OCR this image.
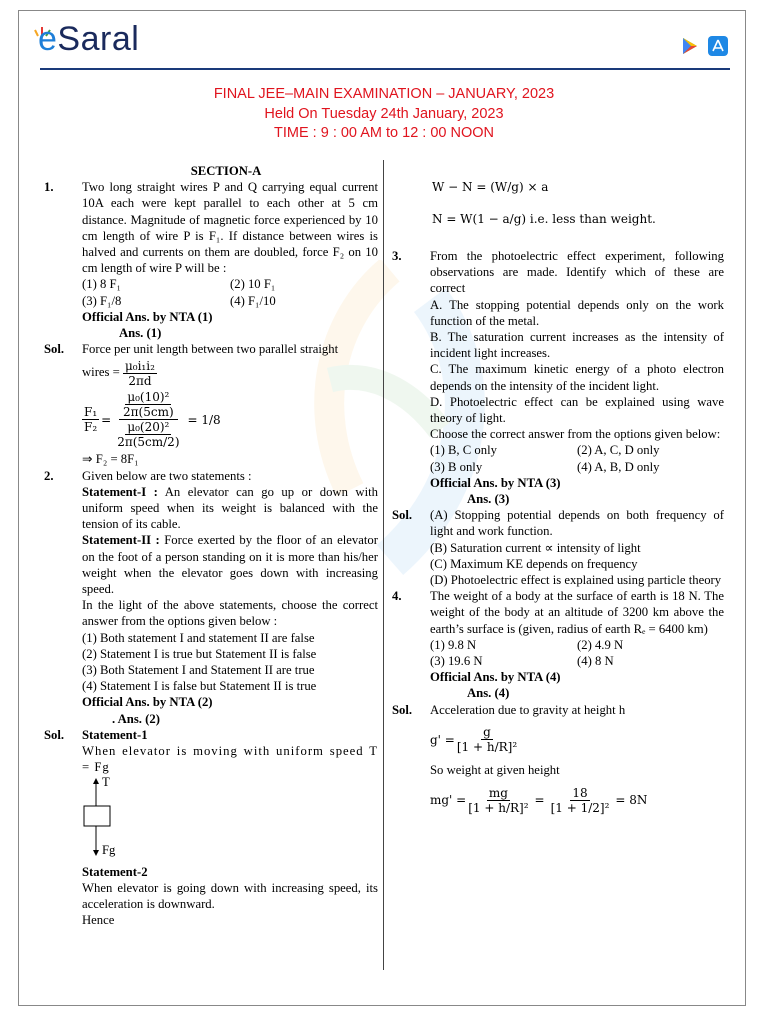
eSaral

FINAL JEE–MAIN EXAMINATION – JANUARY, 2023
Held On Tuesday 24th January, 2023
TIME : 9 : 00 AM to 12 : 00 NOON
SECTION-A
1.	Two long straight wires P and Q carrying equal current 10A each were kept parallel to each other at 5 cm distance. Magnitude of magnetic force experienced by 10 cm length of wire P is F₁. If distance between wires is halved and currents on them are doubled, force F₂ on 10 cm length of wire P will be :
(1) 8 F₁	(2) 10 F₁
(3) F₁/8	(4) F₁/10
Official Ans. by NTA (1)
Ans. (1)
Sol.	Force per unit length between two parallel straight
wires = $\frac{\text{μ₀i₁i₂}}{2\pi d}$
$\frac{\text{F₁}}{\text{F₂}} = \frac{\frac{\text{μ₀(10)²}}{2\pi(5cm)}}{\frac{\text{μ₀(20)²}}{2\pi(5cm/2)}} = 1/8$
⇒ F₂ = 8F₁
2.	Given below are two statements :
Statement-I : An elevator can go up or down with uniform speed when its weight is balanced with the tension of its cable.
Statement-II : Force exerted by the floor of an elevator on the foot of a person standing on it is more than his/her weight when the elevator goes down with increasing speed.
In the light of the above statements, choose the correct answer from the options given below :
(1) Both statement I and statement II are false
(2) Statement I is true but Statement II is false
(3) Both Statement I and Statement II are true
(4) Statement I is false but Statement II is true
Official Ans. by NTA (2)
. Ans. (2)
Sol.	Statement-1
When elevator is moving with uniform speed T = Fg
T
Fg
Statement-2
When elevator is going down with increasing speed, its acceleration is downward.
Hence
W − N = (W/g) × a
N = W(1 − a/g) i.e. less than weight.
3.	From the photoelectric effect experiment, following observations are made. Identify which of these are correct
A. The stopping potential depends only on the work function of the metal.
B. The saturation current increases as the intensity of incident light increases.
C. The maximum kinetic energy of a photo electron depends on the intensity of the incident light.
D. Photoelectric effect can be explained using wave theory of light.
Choose the correct answer from the options given below:
(1) B, C only	(2) A, C, D only
(3) B only	(4) A, B, D only
Official Ans. by NTA (3)
Ans. (3)
Sol.	(A) Stopping potential depends on both frequency of light and work function.
(B) Saturation current ∝ intensity of light
(C) Maximum KE depends on frequency
(D) Photoelectric effect is explained using particle theory
4.	The weight of a body at the surface of earth is 18 N. The weight of the body at an altitude of 3200 km above the earth’s surface is (given, radius of earth Rₑ = 6400 km)
(1) 9.8 N	(2) 4.9 N
(3) 19.6 N	(4) 8 N
Official Ans. by NTA (4)
Ans. (4)
Sol.	Acceleration due to gravity at height h
$g' = \frac{g}{\text{[1 + h/R]²}}$
So weight at given height
$mg' = \frac{mg}{\text{[1 + h/R]²}} = \frac{18}{\text{[1 + 1/2]²}} = 8N$
